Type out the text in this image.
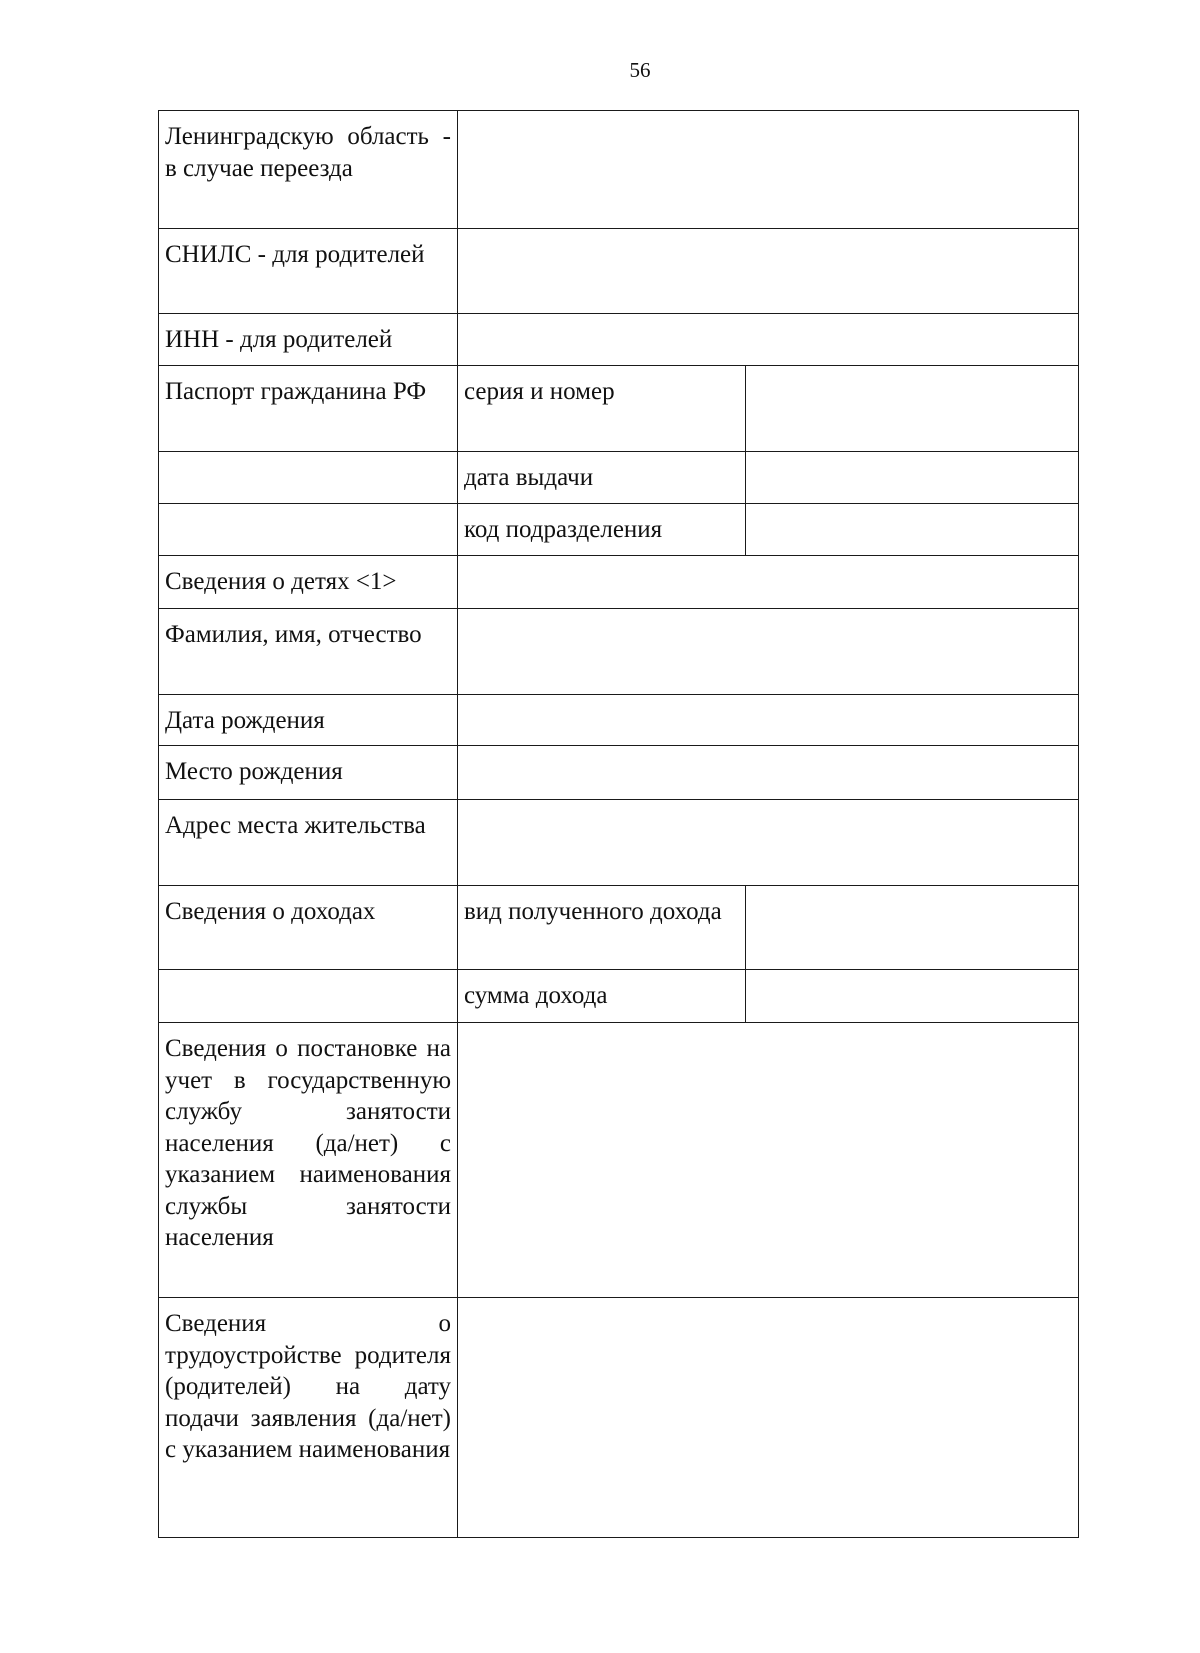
56
Ленинградскую область - в случае переезда		
СНИЛС - для родителей		
ИНН - для родителей		
Паспорт гражданина РФ	серия и номер	
	дата выдачи	
	код подразделения	
Сведения о детях <1>		
Фамилия, имя, отчество		
Дата рождения		
Место рождения		
Адрес места жительства		
Сведения о доходах	вид полученного дохода	
	сумма дохода	
Сведения о постановке на учет в государственную службу занятости населения (да/нет) с указанием наименования службы занятости населения		
Сведения о трудоустройстве родителя (родителей) на дату подачи заявления (да/нет) с указанием наименования		
